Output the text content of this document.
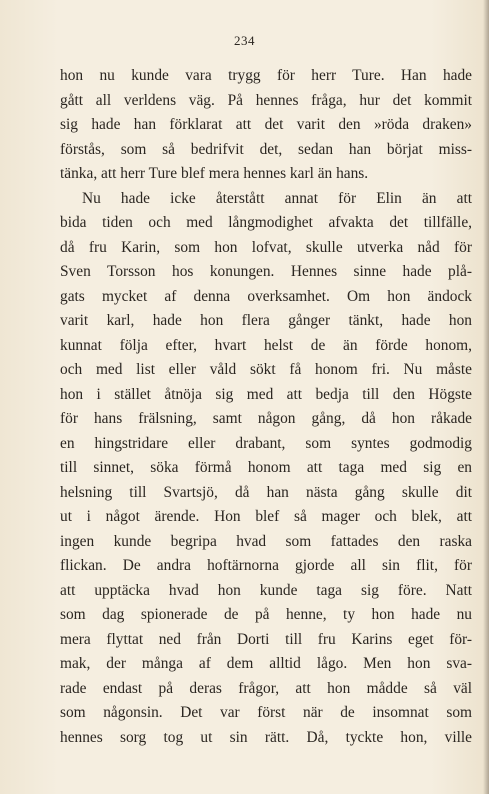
234
hon nu kunde vara trygg för herr Ture. Han hade
gått all verldens väg. På hennes fråga, hur det kommit
sig hade han förklarat att det varit den »röda draken»
förstås, som så bedrifvit det, sedan han börjat miss-
tänka, att herr Ture blef mera hennes karl än hans.
Nu hade icke återstått annat för Elin än att
bida tiden och med långmodighet afvakta det tillfälle,
då fru Karin, som hon lofvat, skulle utverka nåd för
Sven Torsson hos konungen. Hennes sinne hade plå-
gats mycket af denna overksamhet. Om hon ändock
varit karl, hade hon flera gånger tänkt, hade hon
kunnat följa efter, hvart helst de än förde honom,
och med list eller våld sökt få honom fri. Nu måste
hon i stället åtnöja sig med att bedja till den Högste
för hans frälsning, samt någon gång, då hon råkade
en hingstridare eller drabant, som syntes godmodig
till sinnet, söka förmå honom att taga med sig en
helsning till Svartsjö, då han nästa gång skulle dit
ut i något ärende. Hon blef så mager och blek, att
ingen kunde begripa hvad som fattades den raska
flickan. De andra hoftärnorna gjorde all sin flit, för
att upptäcka hvad hon kunde taga sig före. Natt
som dag spionerade de på henne, ty hon hade nu
mera flyttat ned från Dorti till fru Karins eget för-
mak, der många af dem alltid lågo. Men hon sva-
rade endast på deras frågor, att hon mådde så väl
som någonsin. Det var först när de insomnat som
hennes sorg tog ut sin rätt. Då, tyckte hon, ville
